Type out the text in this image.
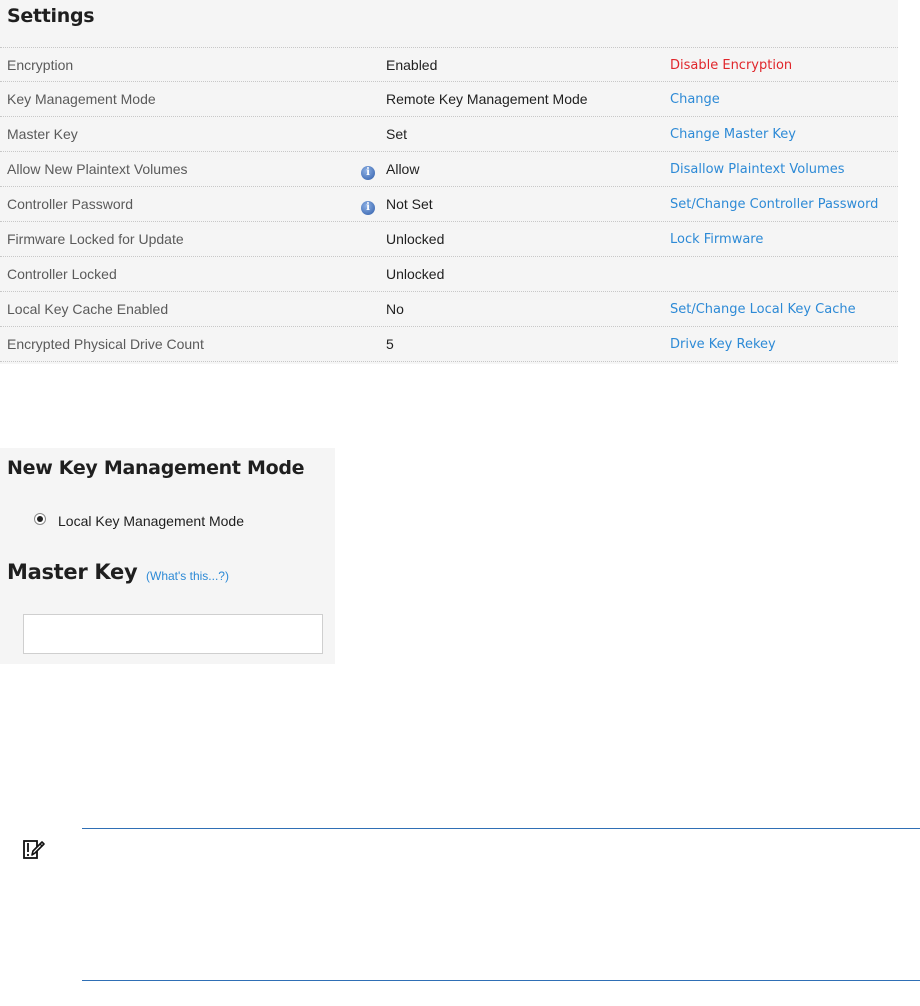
Settings
Encryption	Enabled	Disable Encryption
Key Management Mode	Remote Key Management Mode	Change
Master Key	Set	Change Master Key
Allow New Plaintext Volumes	i	Allow	Disallow Plaintext Volumes
Controller Password	i	Not Set	Set/Change Controller Password
Firmware Locked for Update	Unlocked	Lock Firmware
Controller Locked	Unlocked
Local Key Cache Enabled	No	Set/Change Local Key Cache
Encrypted Physical Drive Count	5	Drive Key Rekey
New Key Management Mode
Local Key Management Mode
Master Key (What's this...?)
